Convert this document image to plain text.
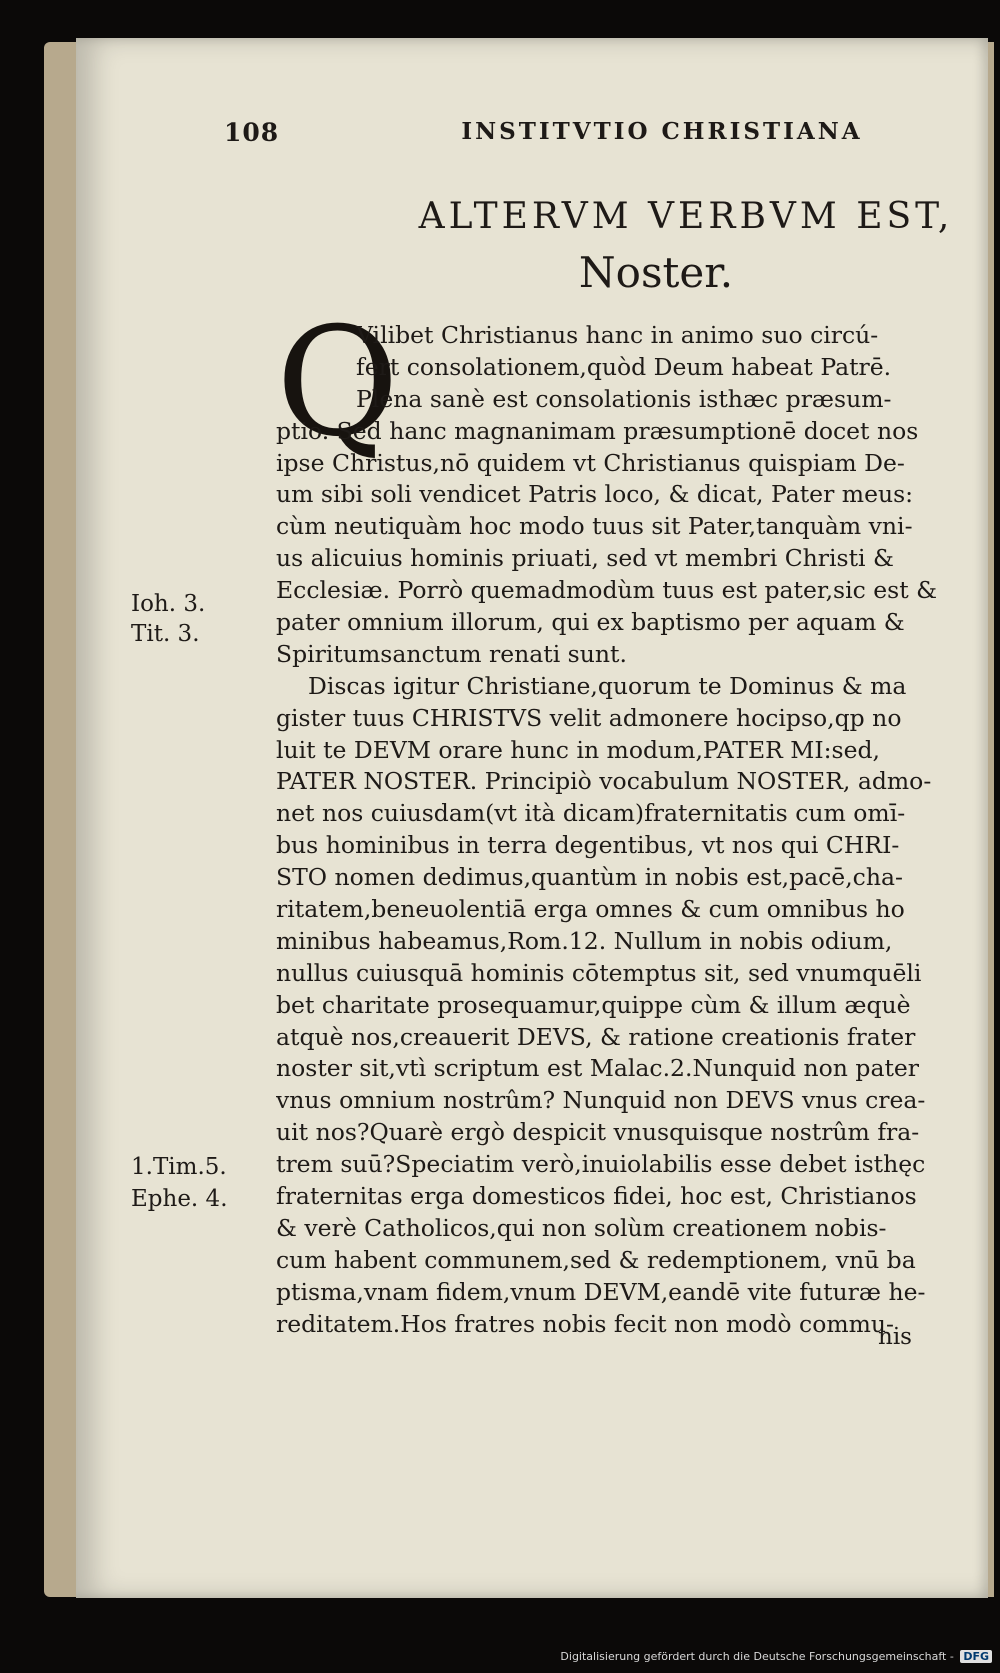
108	INSTITVTIO CHRISTIANA
ALTERVM VERBVM EST,
Noster.
Q
Vilibet Christianus hanc in animo suo circú-
fert consolationem,quòd Deum habeat Patrē.
Plena sanè est consolationis isthæc præsum-
ptio. Sed hanc magnanimam præsumptionē docet nos
ipse Christus,nō quidem vt Christianus quispiam De-
um sibi soli vendicet Patris loco, & dicat, Pater meus:
cùm neutiquàm hoc modo tuus sit Pater,tanquàm vni-
us alicuius hominis priuati, sed vt membri Christi &
Ecclesiæ. Porrò quemadmodùm tuus est pater,sic est &
pater omnium illorum, qui ex baptismo per aquam &
Spiritumsanctum renati sunt.
Discas igitur Christiane,quorum te Dominus & ma
gister tuus CHRISTVS velit admonere hocipso,qp no
luit te DEVM orare hunc in modum,PATER MI:sed,
PATER NOSTER. Principiò vocabulum NOSTER, admo-
net nos cuiusdam(vt ità dicam)fraternitatis cum omī-
bus hominibus in terra degentibus, vt nos qui CHRI-
STO nomen dedimus,quantùm in nobis est,pacē,cha-
ritatem,beneuolentiā erga omnes & cum omnibus ho
minibus habeamus,Rom.12. Nullum in nobis odium,
nullus cuiusquā hominis cōtemptus sit, sed vnumquēli
bet charitate prosequamur,quippe cùm & illum æquè
atquè nos,creauerit DEVS, & ratione creationis frater
noster sit,vtì scriptum est Malac.2.Nunquid non pater
vnus omnium nostrûm? Nunquid non DEVS vnus crea-
uit nos?Quarè ergò despicit vnusquisque nostrûm fra-
trem suū?Speciatim verò,inuiolabilis esse debet isthęc
fraternitas erga domesticos fidei, hoc est, Christianos
& verè Catholicos,qui non solùm creationem nobis-
cum habent communem,sed & redemptionem, vnū ba
ptisma,vnam fidem,vnum DEVM,eandē vite futuræ he-
reditatem.Hos fratres nobis fecit non modò commu-
Ioh. 3.
Tit. 3.
1.Tim.5.
Ephe. 4.
nis
Digitalisierung gefördert durch die Deutsche Forschungsgemeinschaft - DFG
